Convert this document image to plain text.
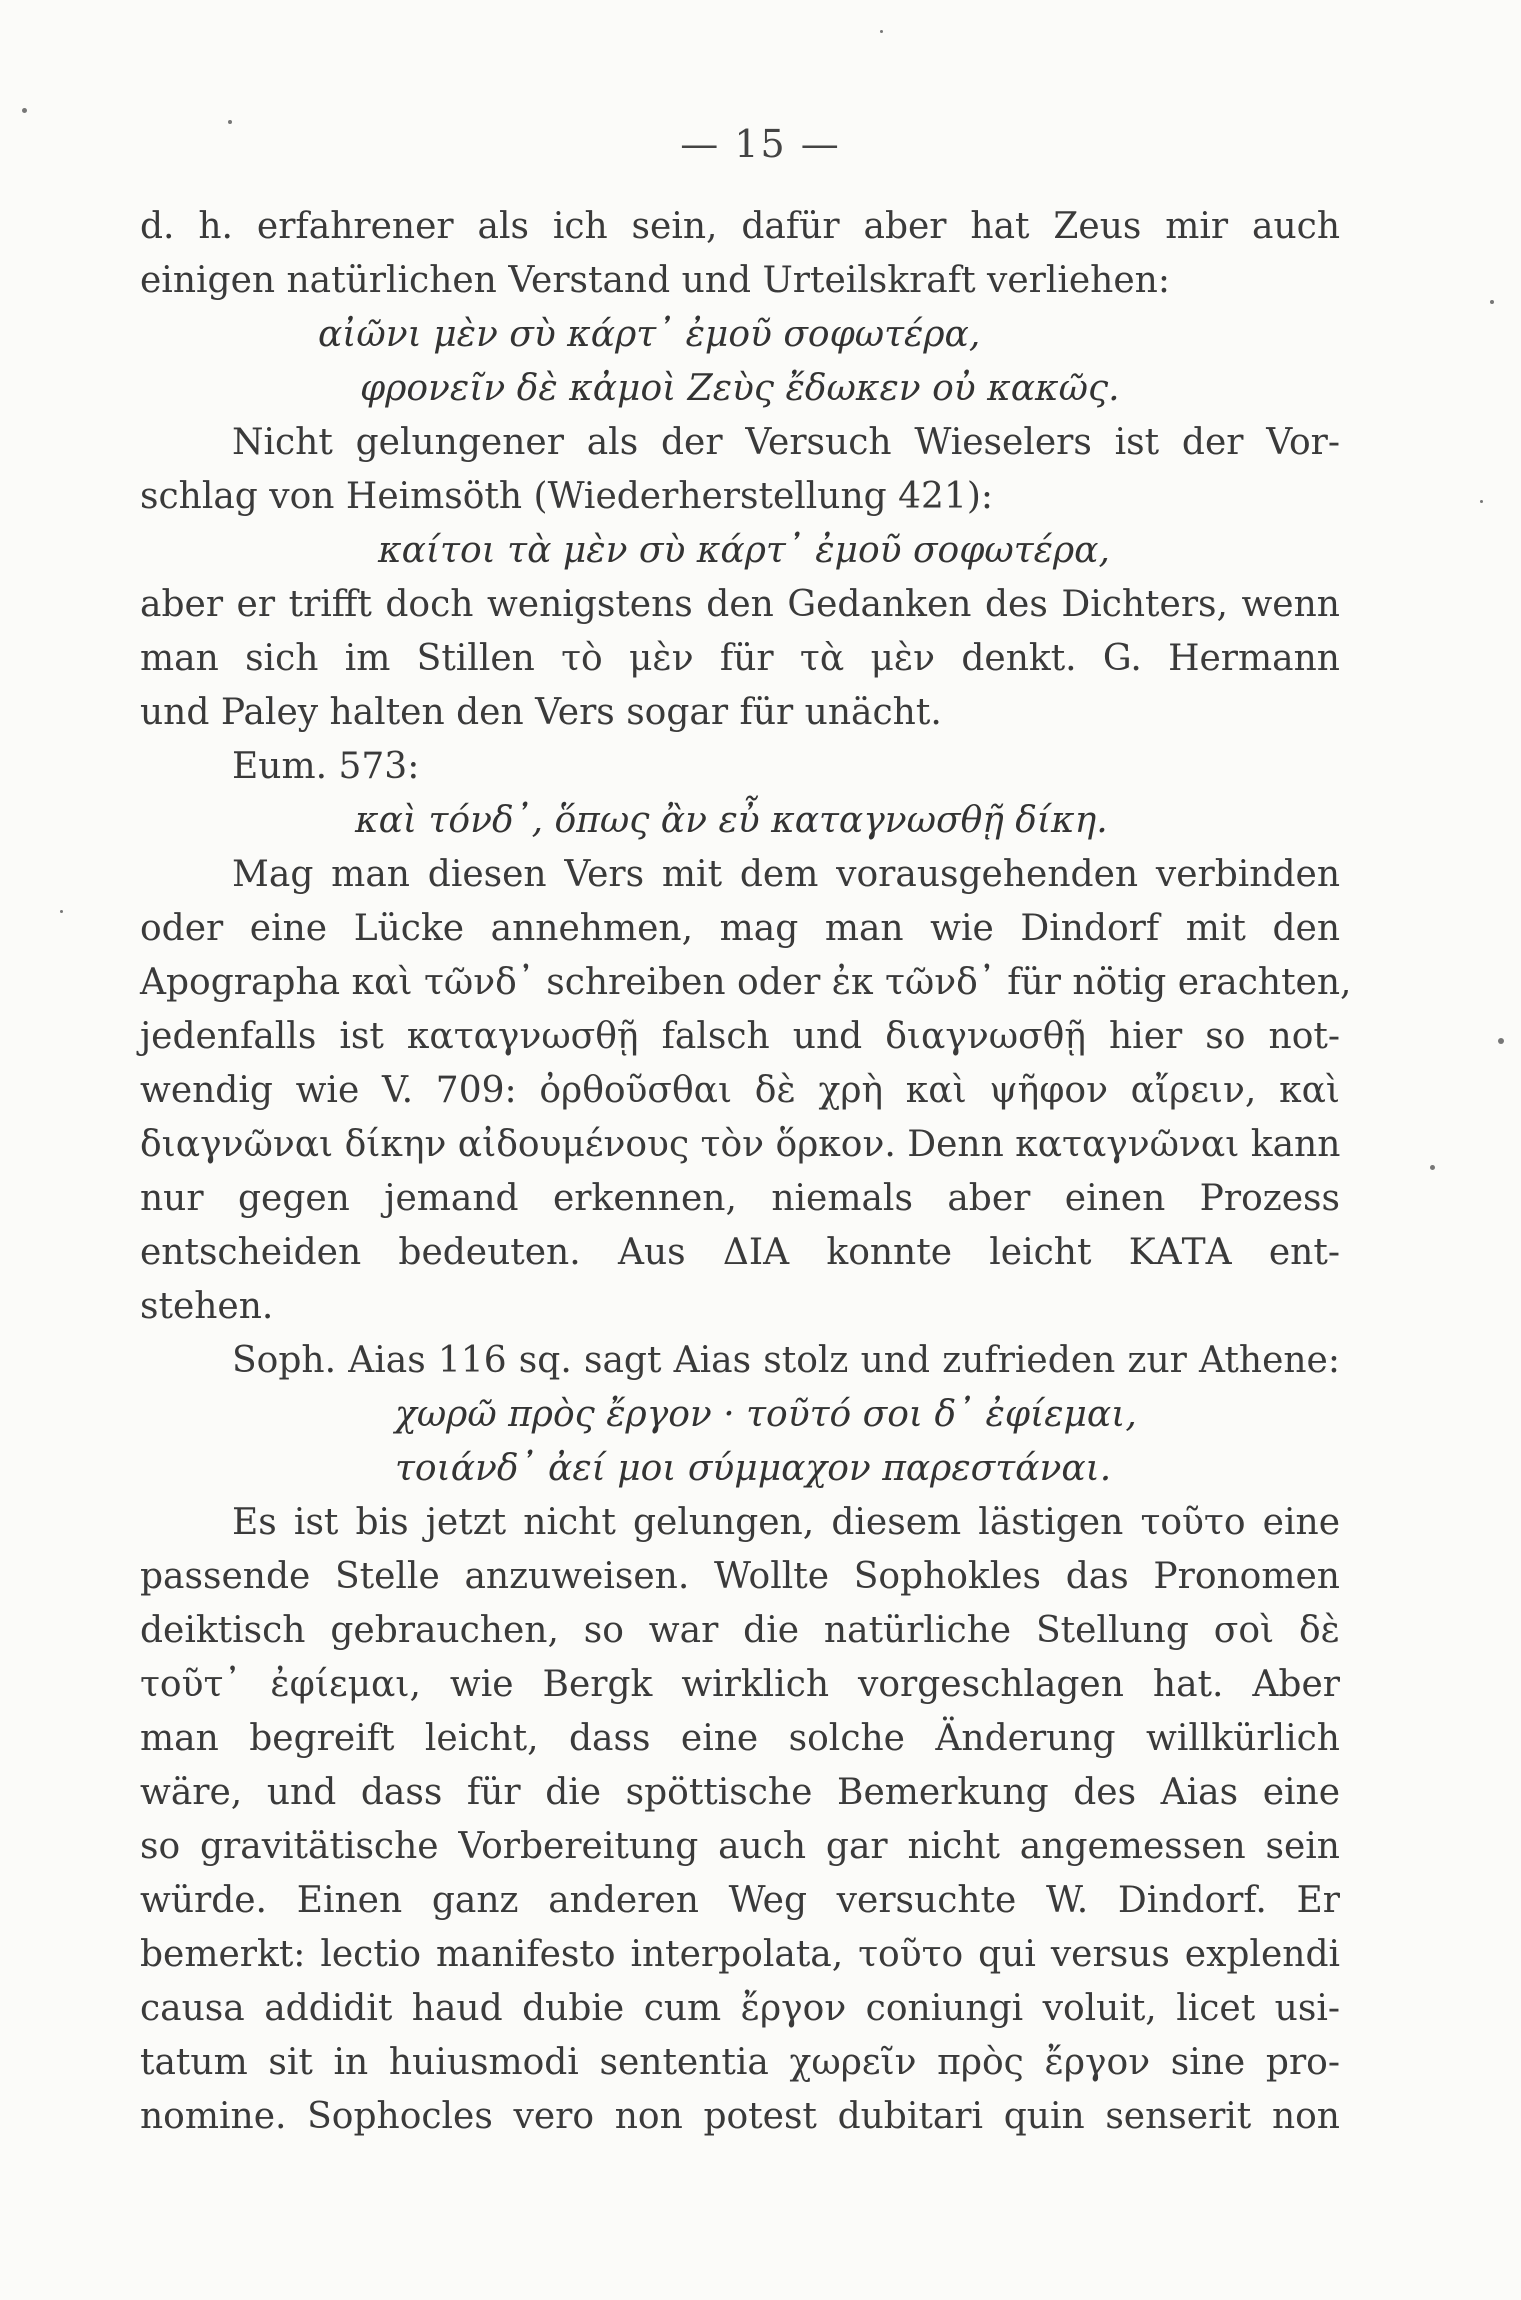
— 15 —
d. h. erfahrener als ich sein, dafür aber hat Zeus mir auch
einigen natürlichen Verstand und Urteilskraft verliehen:
αἰῶνι μὲν σὺ κάρτ᾽ ἐμοῦ σοφωτέρα,
φρονεῖν δὲ κἀμοὶ Ζεὺς ἔδωκεν οὐ κακῶς.
Nicht gelungener als der Versuch Wieselers ist der Vor-
schlag von Heimsöth (Wiederherstellung 421):
καίτοι τὰ μὲν σὺ κάρτ᾽ ἐμοῦ σοφωτέρα,
aber er trifft doch wenigstens den Gedanken des Dichters, wenn
man sich im Stillen τὸ μὲν für τὰ μὲν denkt. G. Hermann
und Paley halten den Vers sogar für unächt.
Eum. 573:
καὶ τόνδ᾽, ὅπως ἂν εὖ καταγνωσθῇ δίκη.
Mag man diesen Vers mit dem vorausgehenden verbinden
oder eine Lücke annehmen, mag man wie Dindorf mit den
Apographa καὶ τῶνδ᾽ schreiben oder ἐκ τῶνδ᾽ für nötig erachten,
jedenfalls ist καταγνωσθῇ falsch und διαγνωσθῇ hier so not-
wendig wie V. 709: ὀρθοῦσθαι δὲ χρὴ καὶ ψῆφον αἴρειν, καὶ
διαγνῶναι δίκην αἰδουμένους τὸν ὅρκον. Denn καταγνῶναι kann
nur gegen jemand erkennen, niemals aber einen Prozess
entscheiden bedeuten. Aus ΔΙΑ konnte leicht ΚΑΤΑ ent-
stehen.
Soph. Aias 116 sq. sagt Aias stolz und zufrieden zur Athene:
χωρῶ πρὸς ἔργον · τοῦτό σοι δ᾽ ἐφίεμαι,
τοιάνδ᾽ ἀεί μοι σύμμαχον παρεστάναι.
Es ist bis jetzt nicht gelungen, diesem lästigen τοῦτο eine
passende Stelle anzuweisen. Wollte Sophokles das Pronomen
deiktisch gebrauchen, so war die natürliche Stellung σοὶ δὲ
τοῦτ᾽ ἐφίεμαι, wie Bergk wirklich vorgeschlagen hat. Aber
man begreift leicht, dass eine solche Änderung willkürlich
wäre, und dass für die spöttische Bemerkung des Aias eine
so gravitätische Vorbereitung auch gar nicht angemessen sein
würde. Einen ganz anderen Weg versuchte W. Dindorf. Er
bemerkt: lectio manifesto interpolata, τοῦτο qui versus explendi
causa addidit haud dubie cum ἔργον coniungi voluit, licet usi-
tatum sit in huiusmodi sententia χωρεῖν πρὸς ἔργον sine pro-
nomine. Sophocles vero non potest dubitari quin senserit non
